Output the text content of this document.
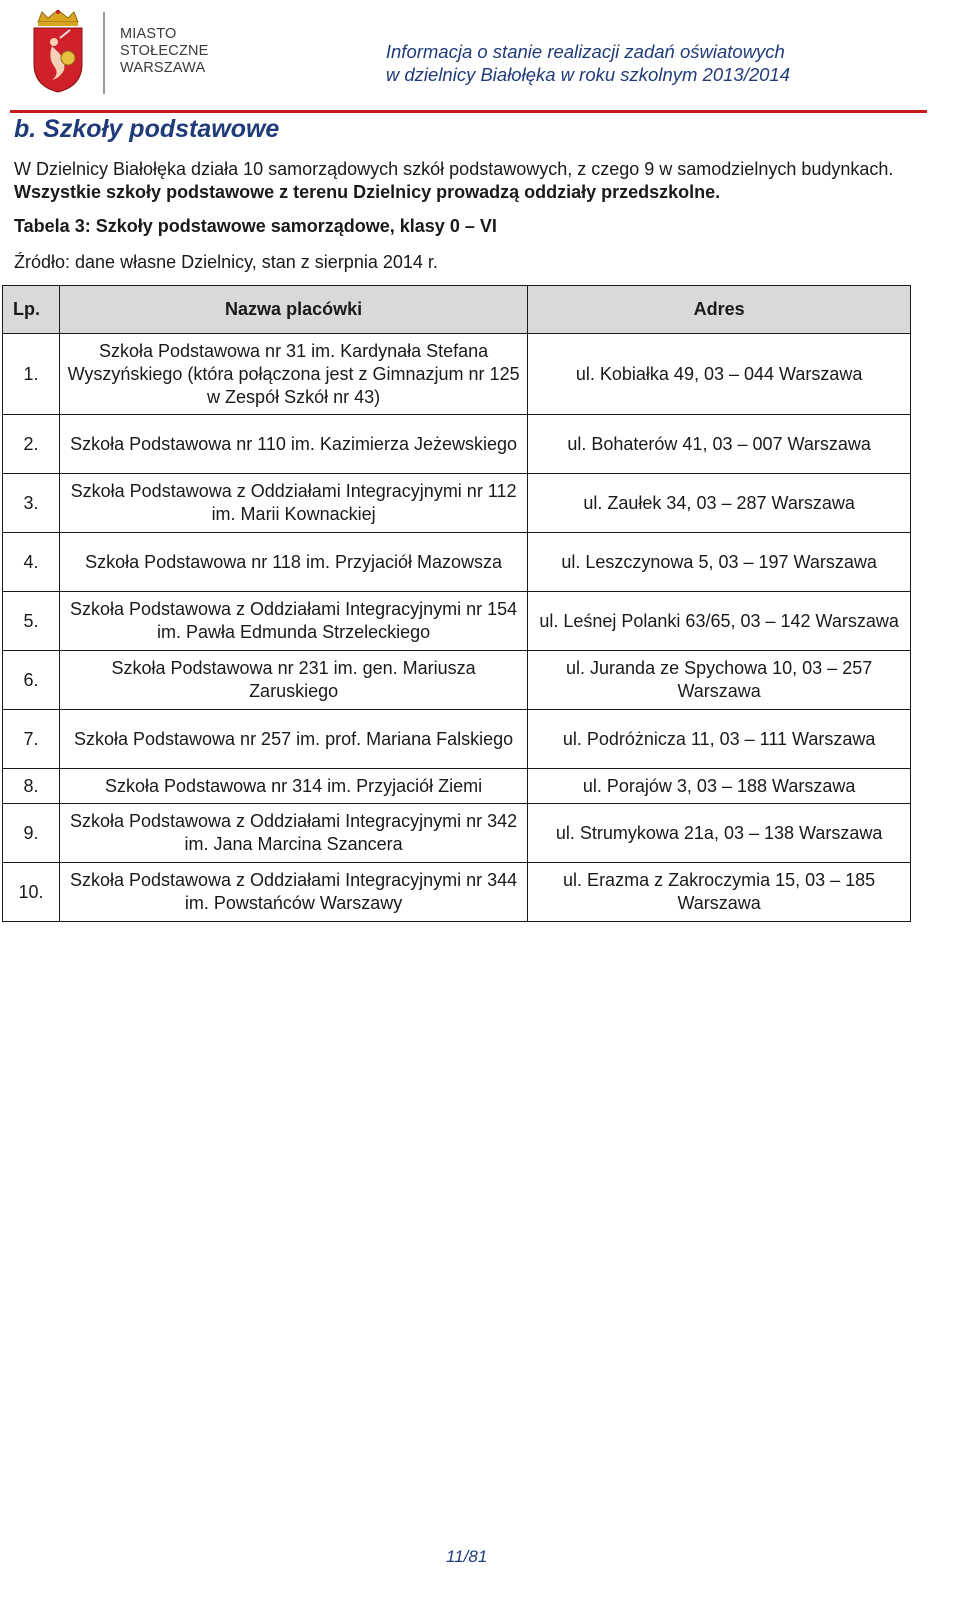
MIASTO
STOŁECZNE
WARSZAWA
Informacja o stanie realizacji zadań oświatowych
w dzielnicy Białołęka w roku szkolnym 2013/2014
b. Szkoły podstawowe
W Dzielnicy Białołęka działa 10 samorządowych szkół podstawowych, z czego 9 w samodzielnych budynkach. Wszystkie szkoły podstawowe z terenu Dzielnicy prowadzą oddziały przedszkolne.
Tabela 3: Szkoły podstawowe samorządowe, klasy 0 – VI
Źródło: dane własne Dzielnicy, stan z sierpnia 2014 r.
Lp.	Nazwa placówki	Adres
1.	Szkoła Podstawowa nr 31 im. Kardynała Stefana Wyszyńskiego (która połączona jest z Gimnazjum nr 125 w Zespół Szkół nr 43)	ul. Kobiałka 49, 03 – 044 Warszawa
2.	Szkoła Podstawowa nr 110 im. Kazimierza Jeżewskiego	ul. Bohaterów 41, 03 – 007 Warszawa
3.	Szkoła Podstawowa z Oddziałami Integracyjnymi nr 112 im. Marii Kownackiej	ul. Zaułek 34, 03 – 287 Warszawa
4.	Szkoła Podstawowa nr 118 im. Przyjaciół Mazowsza	ul. Leszczynowa 5, 03 – 197 Warszawa
5.	Szkoła Podstawowa z Oddziałami Integracyjnymi nr 154 im. Pawła Edmunda Strzeleckiego	ul. Leśnej Polanki 63/65, 03 – 142 Warszawa
6.	Szkoła Podstawowa nr 231 im. gen. Mariusza Zaruskiego	ul. Juranda ze Spychowa 10, 03 – 257 Warszawa
7.	Szkoła Podstawowa nr 257 im. prof. Mariana Falskiego	ul. Podróżnicza 11, 03 – 111 Warszawa
8.	Szkoła Podstawowa nr 314 im. Przyjaciół Ziemi	ul. Porajów 3, 03 – 188 Warszawa
9.	Szkoła Podstawowa z Oddziałami Integracyjnymi nr 342 im. Jana Marcina Szancera	ul. Strumykowa 21a, 03 – 138 Warszawa
10.	Szkoła Podstawowa z Oddziałami Integracyjnymi nr 344 im. Powstańców Warszawy	ul. Erazma z Zakroczymia 15, 03 – 185 Warszawa
11/81
